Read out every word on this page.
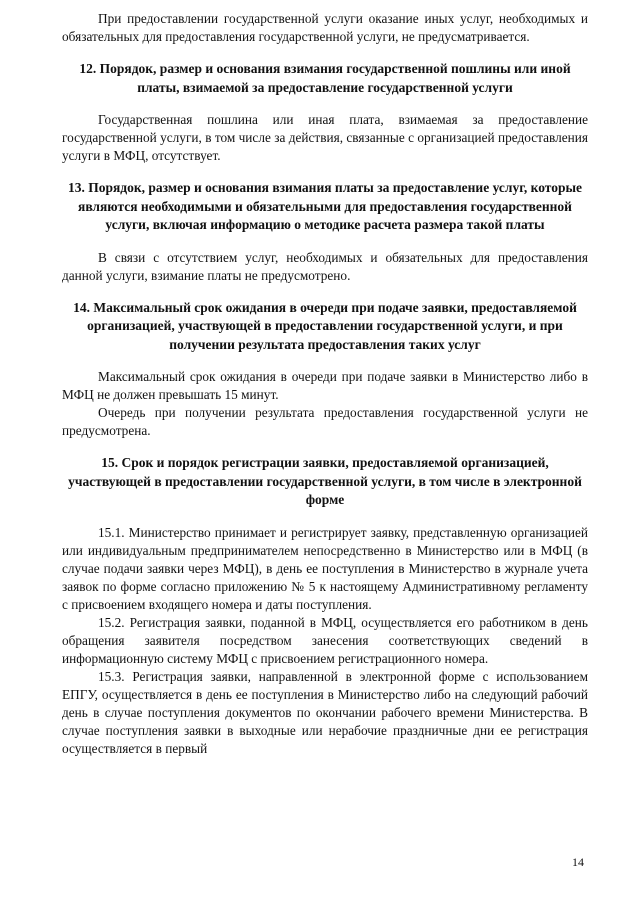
При предоставлении государственной услуги оказание иных услуг, необходимых и обязательных для предоставления государственной услуги, не предусматривается.

12. Порядок, размер и основания взимания государственной пошлины или иной платы, взимаемой за предоставление государственной услуги

Государственная пошлина или иная плата, взимаемая за предоставление государственной услуги, в том числе за действия, связанные с организацией предоставления услуги в МФЦ, отсутствует.

13. Порядок, размер и основания взимания платы за предоставление услуг, которые являются необходимыми и обязательными для предоставления государственной услуги, включая информацию о методике расчета размера такой платы

В связи с отсутствием услуг, необходимых и обязательных для предоставления данной услуги, взимание платы не предусмотрено.

14. Максимальный срок ожидания в очереди при подаче заявки, предоставляемой организацией, участвующей в предоставлении государственной услуги, и при получении результата предоставления таких услуг

Максимальный срок ожидания в очереди при подаче заявки в Министерство либо в МФЦ не должен превышать 15 минут.

Очередь при получении результата предоставления государственной услуги не предусмотрена.

15. Срок и порядок регистрации заявки, предоставляемой организацией, участвующей в предоставлении государственной услуги, в том числе в электронной форме

15.1. Министерство принимает и регистрирует заявку, представленную организацией или индивидуальным предпринимателем непосредственно в Министерство или в МФЦ (в случае подачи заявки через МФЦ), в день ее поступления в Министерство в журнале учета заявок по форме согласно приложению № 5 к настоящему Административному регламенту с присвоением входящего номера и даты поступления.

15.2. Регистрация заявки, поданной в МФЦ, осуществляется его работником в день обращения заявителя посредством занесения соответствующих сведений в информационную систему МФЦ с присвоением регистрационного номера.

15.3. Регистрация заявки, направленной в электронной форме с использованием ЕПГУ, осуществляется в день ее поступления в Министерство либо на следующий рабочий день в случае поступления документов по окончании рабочего времени Министерства. В случае поступления заявки в выходные или нерабочие праздничные дни ее регистрация осуществляется в первый

14
